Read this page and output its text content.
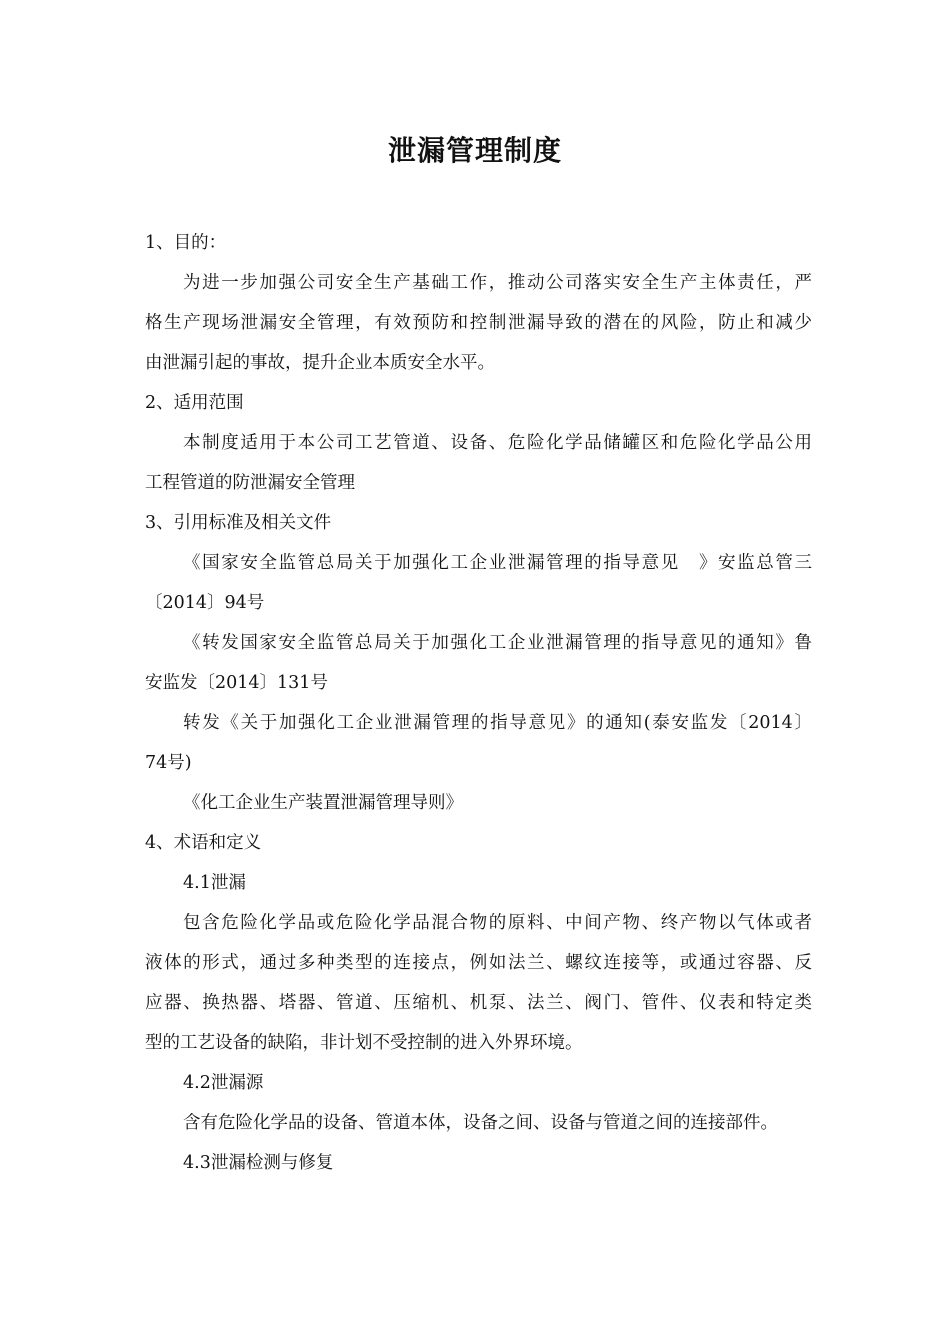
泄漏管理制度
1、目的：
为进一步加强公司安全生产基础工作，推动公司落实安全生产主体责任，严
格生产现场泄漏安全管理，有效预防和控制泄漏导致的潜在的风险，防止和减少
由泄漏引起的事故，提升企业本质安全水平。
2、适用范围
本制度适用于本公司工艺管道、设备、危险化学品储罐区和危险化学品公用
工程管道的防泄漏安全管理
3、引用标准及相关文件
《国家安全监管总局关于加强化工企业泄漏管理的指导意见　》安监总管三
〔2014〕94号
《转发国家安全监管总局关于加强化工企业泄漏管理的指导意见的通知》鲁
安监发〔2014〕131号
转发《关于加强化工企业泄漏管理的指导意见》的通知(泰安监发〔2014〕
74号)
《化工企业生产装置泄漏管理导则》
4、术语和定义
4.1泄漏
包含危险化学品或危险化学品混合物的原料、中间产物、终产物以气体或者
液体的形式，通过多种类型的连接点，例如法兰、螺纹连接等，或通过容器、反
应器、换热器、塔器、管道、压缩机、机泵、法兰、阀门、管件、仪表和特定类
型的工艺设备的缺陷，非计划不受控制的进入外界环境。
4.2泄漏源
含有危险化学品的设备、管道本体，设备之间、设备与管道之间的连接部件。
4.3泄漏检测与修复
